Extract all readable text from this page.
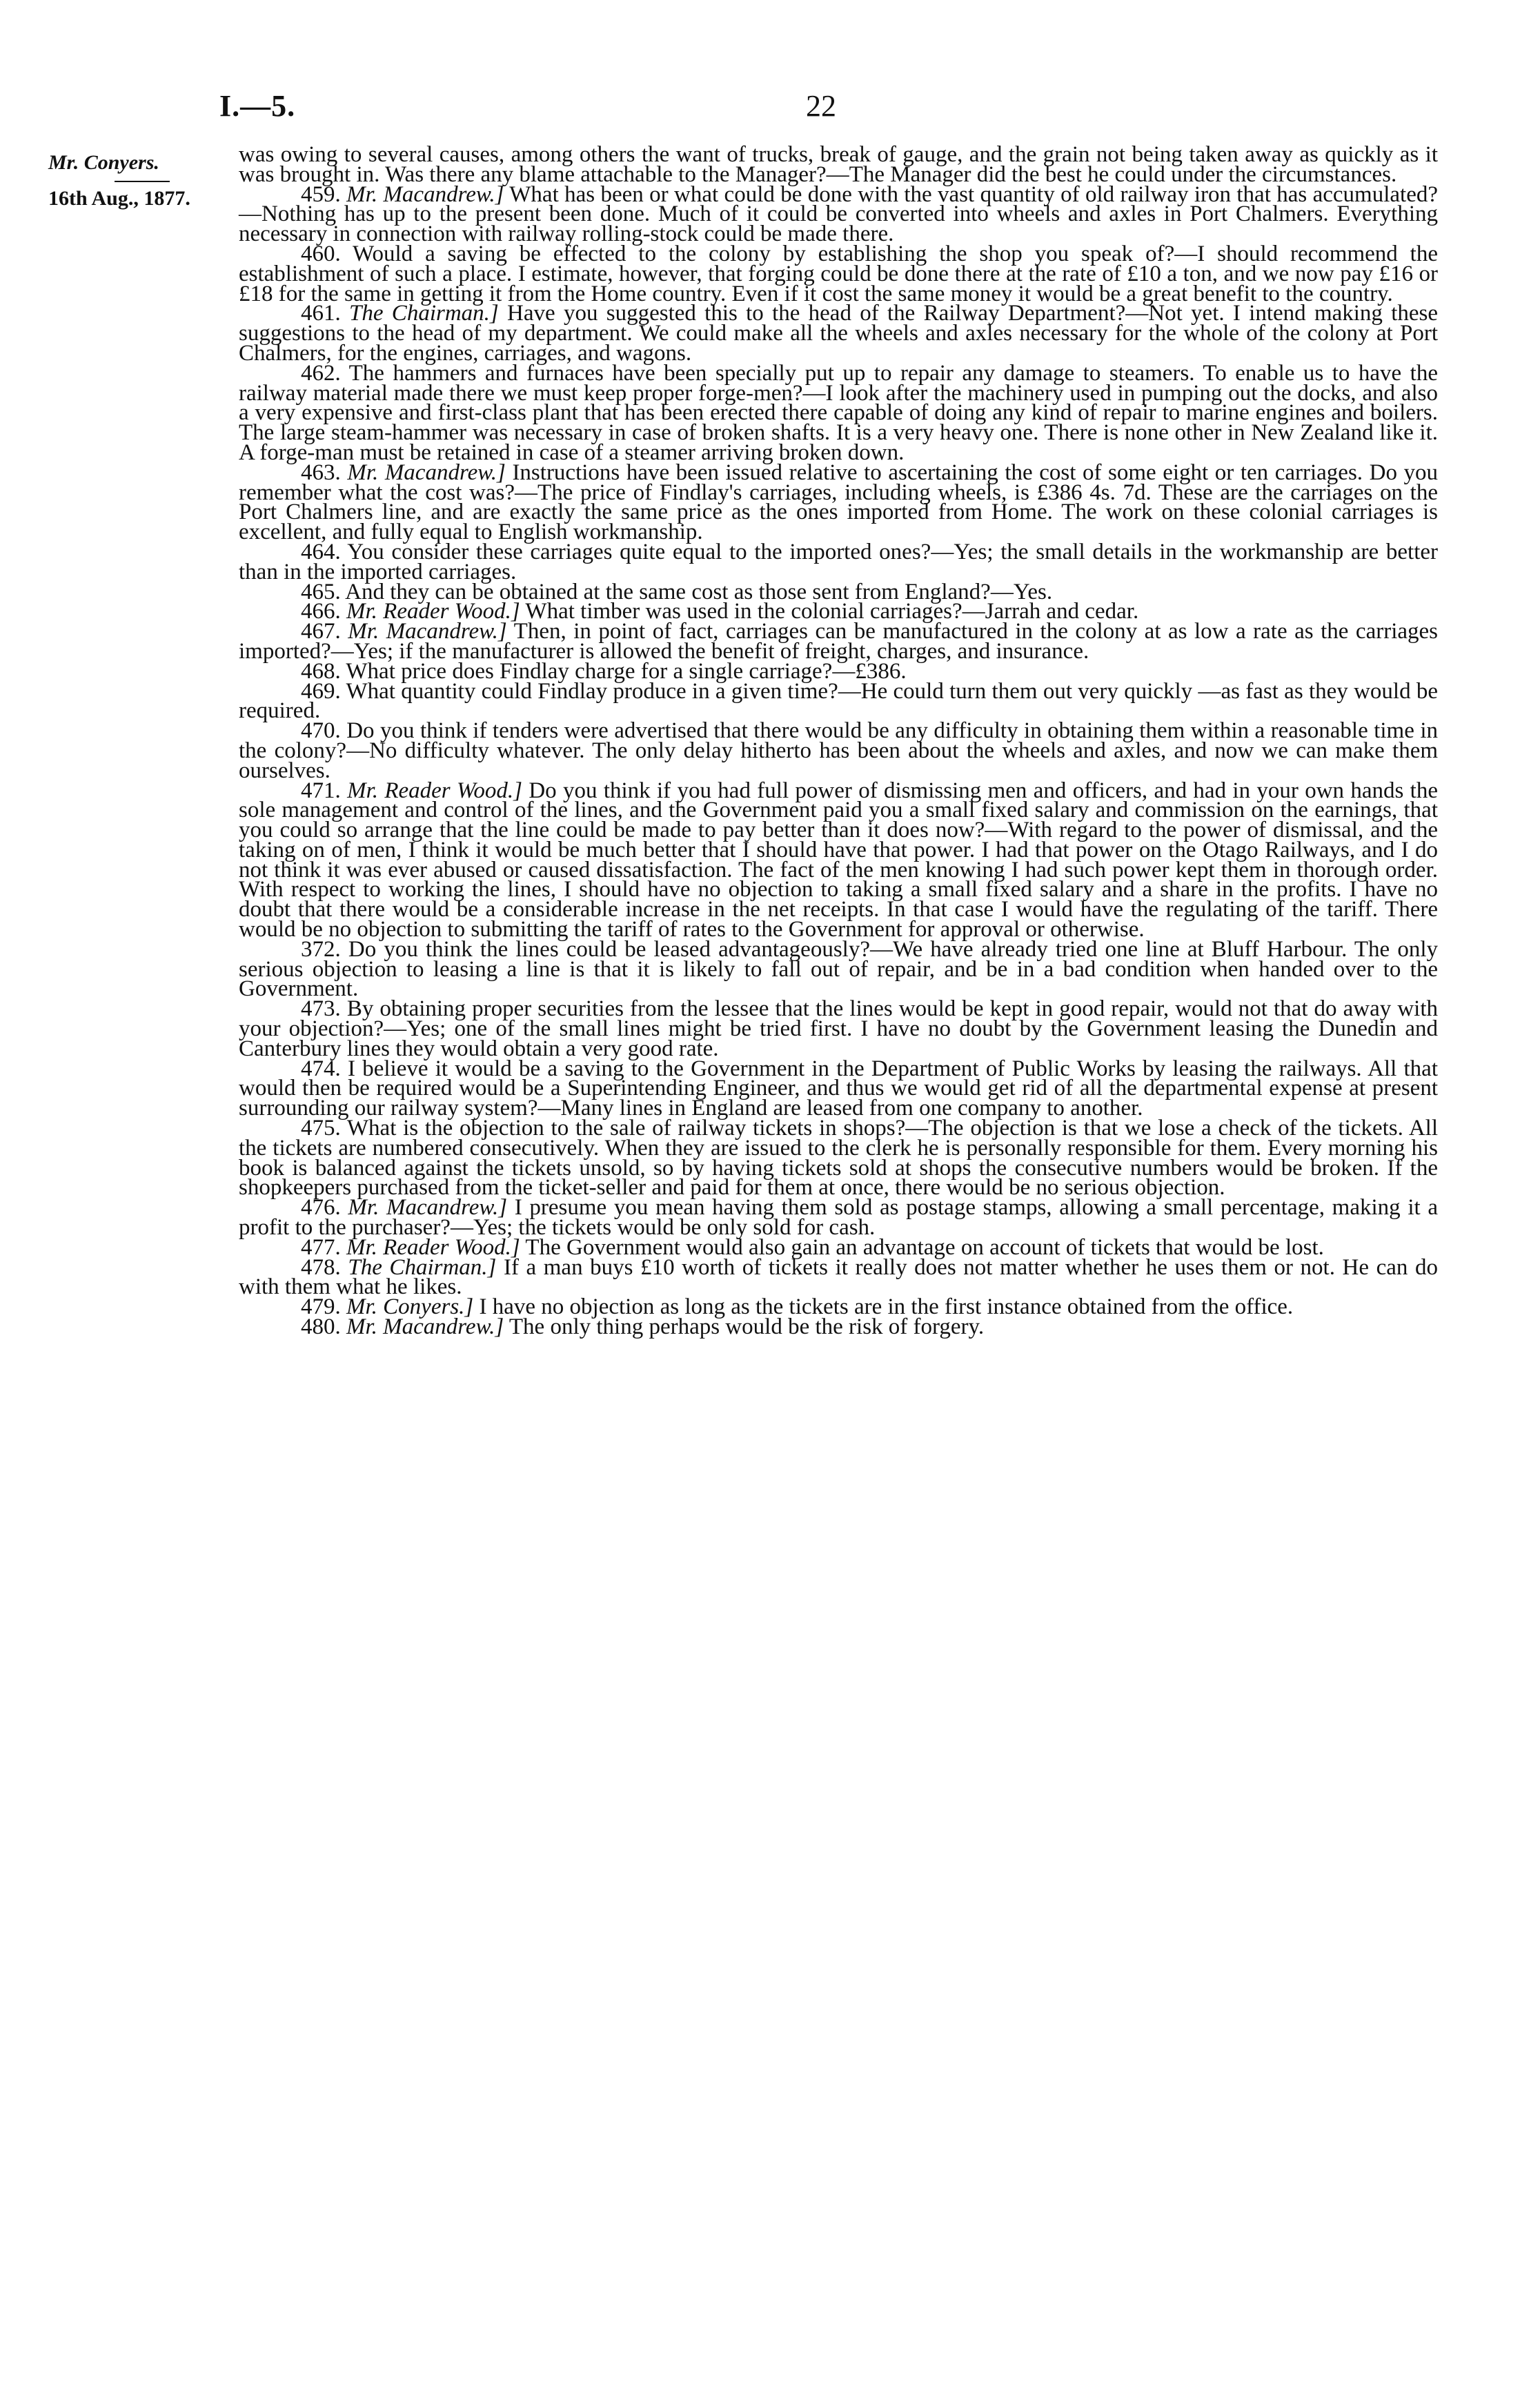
I.—5.	22
Mr. Conyers.
16th Aug., 1877.

was owing to several causes, among others the want of trucks, break of gauge, and the grain not being taken away as quickly as it was brought in. Was there any blame attachable to the Manager?—The Manager did the best he could under the circumstances.

459. Mr. Macandrew.] What has been or what could be done with the vast quantity of old railway iron that has accumulated?—Nothing has up to the present been done. Much of it could be converted into wheels and axles in Port Chalmers. Everything necessary in connection with railway rolling-stock could be made there.

460. Would a saving be effected to the colony by establishing the shop you speak of?—I should recommend the establishment of such a place. I estimate, however, that forging could be done there at the rate of £10 a ton, and we now pay £16 or £18 for the same in getting it from the Home country. Even if it cost the same money it would be a great benefit to the country.

461. The Chairman.] Have you suggested this to the head of the Railway Department?—Not yet. I intend making these suggestions to the head of my department. We could make all the wheels and axles necessary for the whole of the colony at Port Chalmers, for the engines, carriages, and wagons.

462. The hammers and furnaces have been specially put up to repair any damage to steamers. To enable us to have the railway material made there we must keep proper forge-men?—I look after the machinery used in pumping out the docks, and also a very expensive and first-class plant that has been erected there capable of doing any kind of repair to marine engines and boilers. The large steam-hammer was necessary in case of broken shafts. It is a very heavy one. There is none other in New Zealand like it. A forge-man must be retained in case of a steamer arriving broken down.

463. Mr. Macandrew.] Instructions have been issued relative to ascertaining the cost of some eight or ten carriages. Do you remember what the cost was?—The price of Findlay's carriages, including wheels, is £386 4s. 7d. These are the carriages on the Port Chalmers line, and are exactly the same price as the ones imported from Home. The work on these colonial carriages is excellent, and fully equal to English workmanship.

464. You consider these carriages quite equal to the imported ones?—Yes; the small details in the workmanship are better than in the imported carriages.

465. And they can be obtained at the same cost as those sent from England?—Yes.

466. Mr. Reader Wood.] What timber was used in the colonial carriages?—Jarrah and cedar.

467. Mr. Macandrew.] Then, in point of fact, carriages can be manufactured in the colony at as low a rate as the carriages imported?—Yes; if the manufacturer is allowed the benefit of freight, charges, and insurance.

468. What price does Findlay charge for a single carriage?—£386.

469. What quantity could Findlay produce in a given time?—He could turn them out very quickly —as fast as they would be required.

470. Do you think if tenders were advertised that there would be any difficulty in obtaining them within a reasonable time in the colony?—No difficulty whatever. The only delay hitherto has been about the wheels and axles, and now we can make them ourselves.

471. Mr. Reader Wood.] Do you think if you had full power of dismissing men and officers, and had in your own hands the sole management and control of the lines, and the Government paid you a small fixed salary and commission on the earnings, that you could so arrange that the line could be made to pay better than it does now?—With regard to the power of dismissal, and the taking on of men, I think it would be much better that I should have that power. I had that power on the Otago Railways, and I do not think it was ever abused or caused dissatisfaction. The fact of the men knowing I had such power kept them in thorough order. With respect to working the lines, I should have no objection to taking a small fixed salary and a share in the profits. I have no doubt that there would be a considerable increase in the net receipts. In that case I would have the regulating of the tariff. There would be no objection to submitting the tariff of rates to the Government for approval or otherwise.

372. Do you think the lines could be leased advantageously?—We have already tried one line at Bluff Harbour. The only serious objection to leasing a line is that it is likely to fall out of repair, and be in a bad condition when handed over to the Government.

473. By obtaining proper securities from the lessee that the lines would be kept in good repair, would not that do away with your objection?—Yes; one of the small lines might be tried first. I have no doubt by the Government leasing the Dunedin and Canterbury lines they would obtain a very good rate.

474. I believe it would be a saving to the Government in the Department of Public Works by leasing the railways. All that would then be required would be a Superintending Engineer, and thus we would get rid of all the departmental expense at present surrounding our railway system?—Many lines in England are leased from one company to another.

475. What is the objection to the sale of railway tickets in shops?—The objection is that we lose a check of the tickets. All the tickets are numbered consecutively. When they are issued to the clerk he is personally responsible for them. Every morning his book is balanced against the tickets unsold, so by having tickets sold at shops the consecutive numbers would be broken. If the shopkeepers purchased from the ticket-seller and paid for them at once, there would be no serious objection.

476. Mr. Macandrew.] I presume you mean having them sold as postage stamps, allowing a small percentage, making it a profit to the purchaser?—Yes; the tickets would be only sold for cash.

477. Mr. Reader Wood.] The Government would also gain an advantage on account of tickets that would be lost.

478. The Chairman.] If a man buys £10 worth of tickets it really does not matter whether he uses them or not. He can do with them what he likes.

479. Mr. Conyers.] I have no objection as long as the tickets are in the first instance obtained from the office.

480. Mr. Macandrew.] The only thing perhaps would be the risk of forgery.
